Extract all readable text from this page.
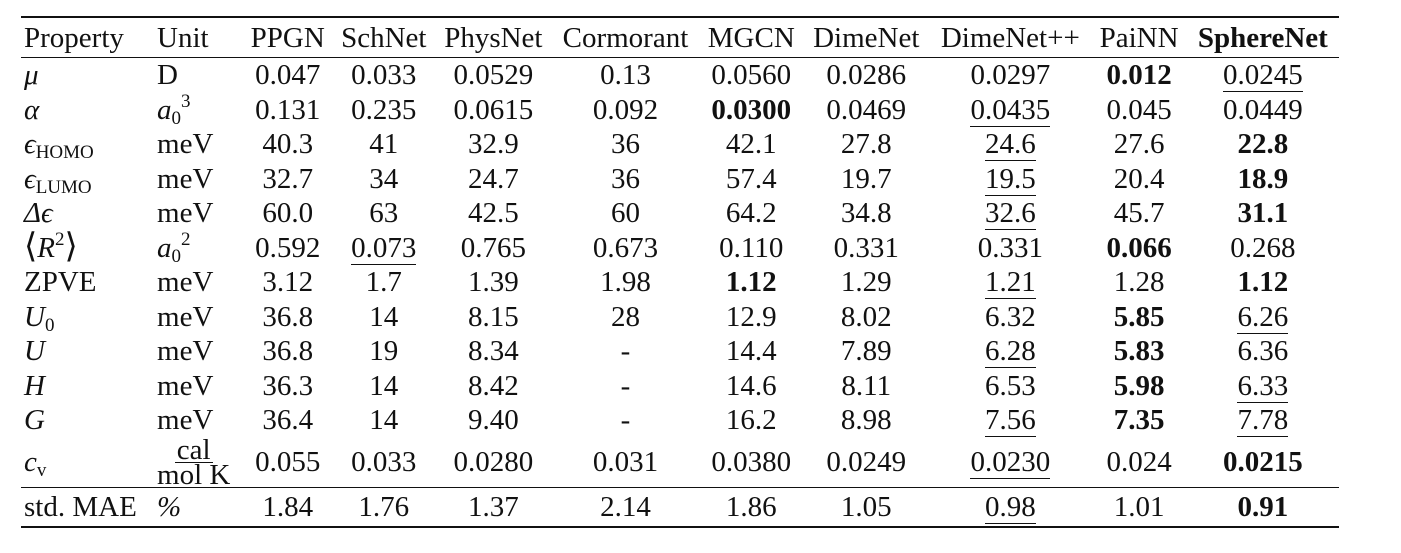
Property	Unit	PPGN	SchNet	PhysNet	Cormorant	MGCN	DimeNet	DimeNet++	PaiNN	SphereNet
μ	D	0.047	0.033	0.0529	0.13	0.0560	0.0286	0.0297	0.012	0.0245
α	$a_0^3$	0.131	0.235	0.0615	0.092	0.0300	0.0469	0.0435	0.045	0.0449
$\epsilon_{HOMO}$	meV	40.3	41	32.9	36	42.1	27.8	24.6	27.6	22.8
$\epsilon_{LUMO}$	meV	32.7	34	24.7	36	57.4	19.7	19.5	20.4	18.9
Δϵ	meV	60.0	63	42.5	60	64.2	34.8	32.6	45.7	31.1
$⟨R^2⟩$	$a_0^2$	0.592	0.073	0.765	0.673	0.110	0.331	0.331	0.066	0.268
ZPVE	meV	3.12	1.7	1.39	1.98	1.12	1.29	1.21	1.28	1.12
$U_0$	meV	36.8	14	8.15	28	12.9	8.02	6.32	5.85	6.26
U	meV	36.8	19	8.34	-	14.4	7.89	6.28	5.83	6.36
H	meV	36.3	14	8.42	-	14.6	8.11	6.53	5.98	6.33
G	meV	36.4	14	9.40	-	16.2	8.98	7.56	7.35	7.78
$c_v$	$\frac{\text{cal}}{\text{mol K}}$	0.055	0.033	0.0280	0.031	0.0380	0.0249	0.0230	0.024	0.0215
std. MAE	%	1.84	1.76	1.37	2.14	1.86	1.05	0.98	1.01	0.91
